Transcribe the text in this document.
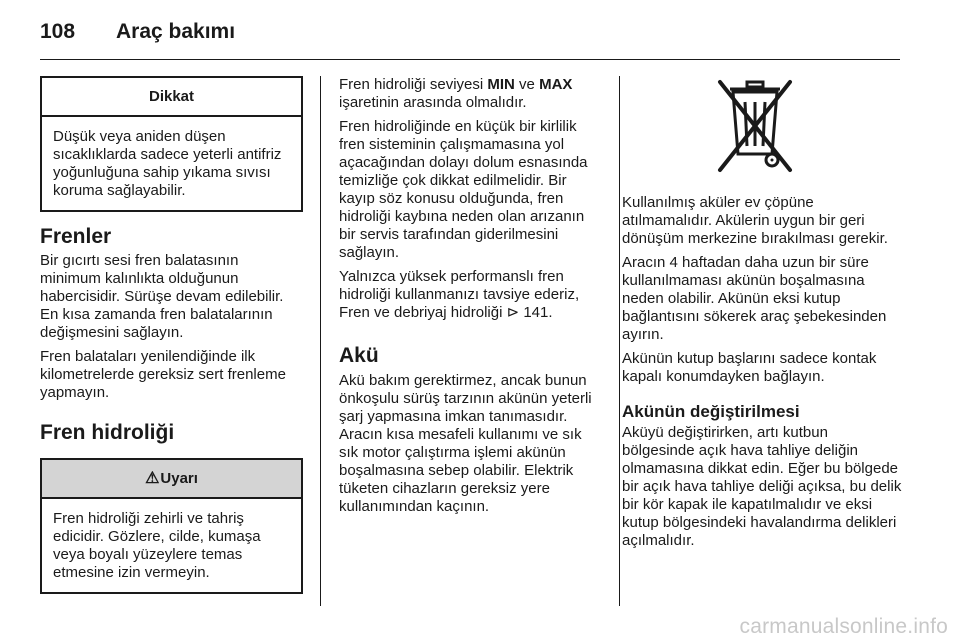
108 Araç bakımı
Dikkat
Düşük veya aniden düşen sıcaklıklarda sadece yeterli antifriz yoğunluğuna sahip yıkama sıvısı koruma sağlayabilir.
Frenler

Bir gıcırtı sesi fren balatasının minimum kalınlıkta olduğunun habercisidir. Sürüşe devam edilebilir. En kısa zamanda fren balatalarının değişmesini sağlayın.

Fren balataları yenilendiğinde ilk kilometrelerde gereksiz sert frenleme yapmayın.

Fren hidroliği
⚠Uyarı
Fren hidroliği zehirli ve tahriş edicidir. Gözlere, cilde, kumaşa veya boyalı yüzeylere temas etmesine izin vermeyin.

Fren hidroliği seviyesi MIN ve MAX işaretinin arasında olmalıdır.

Fren hidroliğinde en küçük bir kirlilik fren sisteminin çalışmamasına yol açacağından dolayı dolum esnasında temizliğe çok dikkat edilmelidir. Bir kayıp söz konusu olduğunda, fren hidroliği kaybına neden olan arızanın bir servis tarafından giderilmesini sağlayın.

Yalnızca yüksek performanslı fren hidroliği kullanmanızı tavsiye ederiz, Fren ve debriyaj hidroliği ⊳ 141.

Akü

Akü bakım gerektirmez, ancak bunun önkoşulu sürüş tarzının akünün yeterli şarj yapmasına imkan tanımasıdır. Aracın kısa mesafeli kullanımı ve sık sık motor çalıştırma işlemi akünün boşalmasına sebep olabilir. Elektrik tüketen cihazların gereksiz yere kullanımından kaçının.

Kullanılmış aküler ev çöpüne atılmamalıdır. Akülerin uygun bir geri dönüşüm merkezine bırakılması gerekir.

Aracın 4 haftadan daha uzun bir süre kullanılmaması akünün boşalmasına neden olabilir. Akünün eksi kutup bağlantısını sökerek araç şebekesinden ayırın.

Akünün kutup başlarını sadece kontak kapalı konumdayken bağlayın.

Akünün değiştirilmesi

Aküyü değiştirirken, artı kutbun bölgesinde açık hava tahliye deliğin olmamasına dikkat edin. Eğer bu bölgede bir açık hava tahliye deliği açıksa, bu delik bir kör kapak ile kapatılmalıdır ve eksi kutup bölgesindeki havalandırma delikleri açılmalıdır.

carmanualsonline.info
